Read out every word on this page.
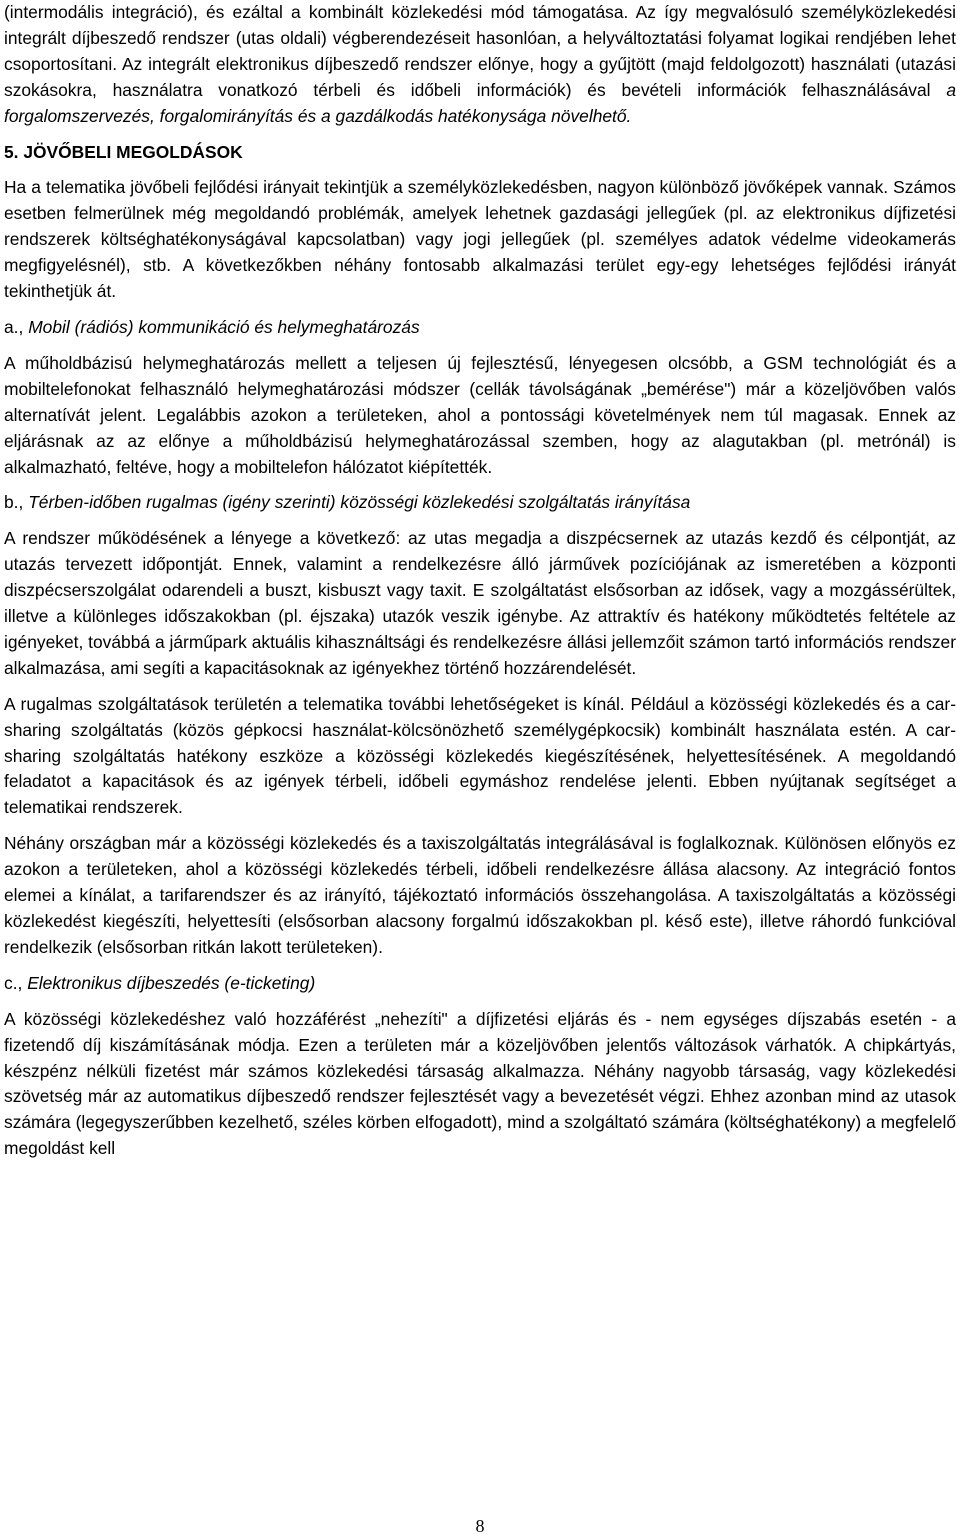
(intermodális integráció), és ezáltal a kombinált közlekedési mód támogatása. Az így megvalósuló személyközlekedési integrált díjbeszedő rendszer (utas oldali) végberendezéseit hasonlóan, a helyváltoztatási folyamat logikai rendjében lehet csoportosítani. Az integrált elektronikus díjbeszedő rendszer előnye, hogy a gyűjtött (majd feldolgozott) használati (utazási szokásokra, használatra vonatkozó térbeli és időbeli információk) és bevételi információk felhasználásával a forgalomszervezés, forgalomirányítás és a gazdálkodás hatékonysága növelhető.

5. JÖVŐBELI MEGOLDÁSOK

Ha a telematika jövőbeli fejlődési irányait tekintjük a személyközlekedésben, nagyon különböző jövőképek vannak. Számos esetben felmerülnek még megoldandó problémák, amelyek lehetnek gazdasági jellegűek (pl. az elektronikus díjfizetési rendszerek költséghatékonyságával kapcsolatban) vagy jogi jellegűek (pl. személyes adatok védelme videokamerás megfigyelésnél), stb. A következőkben néhány fontosabb alkalmazási terület egy-egy lehetséges fejlődési irányát tekinthetjük át.

a., Mobil (rádiós) kommunikáció és helymeghatározás

A műholdbázisú helymeghatározás mellett a teljesen új fejlesztésű, lényegesen olcsóbb, a GSM technológiát és a mobiltelefonokat felhasználó helymeghatározási módszer (cellák távolságának „bemérése") már a közeljövőben valós alternatívát jelent. Legalábbis azokon a területeken, ahol a pontossági követelmények nem túl magasak. Ennek az eljárásnak az az előnye a műholdbázisú helymeghatározással szemben, hogy az alagutakban (pl. metrónál) is alkalmazható, feltéve, hogy a mobiltelefon hálózatot kiépítették.

b., Térben-időben rugalmas (igény szerinti) közösségi közlekedési szolgáltatás irányítása

A rendszer működésének a lényege a következő: az utas megadja a diszpécsernek az utazás kezdő és célpontját, az utazás tervezett időpontját. Ennek, valamint a rendelkezésre álló járművek pozíciójának az ismeretében a központi diszpécserszolgálat odarendeli a buszt, kisbuszt vagy taxit. E szolgáltatást elsősorban az idősek, vagy a mozgássérültek, illetve a különleges időszakokban (pl. éjszaka) utazók veszik igénybe. Az attraktív és hatékony működtetés feltétele az igényeket, továbbá a járműpark aktuális kihasználtsági és rendelkezésre állási jellemzőit számon tartó információs rendszer alkalmazása, ami segíti a kapacitásoknak az igényekhez történő hozzárendelését.

A rugalmas szolgáltatások területén a telematika további lehetőségeket is kínál. Például a közösségi közlekedés és a car-sharing szolgáltatás (közös gépkocsi használat-kölcsönözhető személygépkocsik) kombinált használata estén. A car-sharing szolgáltatás hatékony eszköze a közösségi közlekedés kiegészítésének, helyettesítésének. A megoldandó feladatot a kapacitások és az igények térbeli, időbeli egymáshoz rendelése jelenti. Ebben nyújtanak segítséget a telematikai rendszerek.

Néhány országban már a közösségi közlekedés és a taxiszolgáltatás integrálásával is foglalkoznak. Különösen előnyös ez azokon a területeken, ahol a közösségi közlekedés térbeli, időbeli rendelkezésre állása alacsony. Az integráció fontos elemei a kínálat, a tarifarendszer és az irányító, tájékoztató információs összehangolása. A taxiszolgáltatás a közösségi közlekedést kiegészíti, helyettesíti (elsősorban alacsony forgalmú időszakokban pl. késő este), illetve ráhordó funkcióval rendelkezik (elsősorban ritkán lakott területeken).

c., Elektronikus díjbeszedés (e-ticketing)

A közösségi közlekedéshez való hozzáférést „nehezíti" a díjfizetési eljárás és - nem egységes díjszabás esetén - a fizetendő díj kiszámításának módja. Ezen a területen már a közeljövőben jelentős változások várhatók. A chipkártyás, készpénz nélküli fizetést már számos közlekedési társaság alkalmazza. Néhány nagyobb társaság, vagy közlekedési szövetség már az automatikus díjbeszedő rendszer fejlesztését vagy a bevezetését végzi. Ehhez azonban mind az utasok számára (legegyszerűbben kezelhető, széles körben elfogadott), mind a szolgáltató számára (költséghatékony) a megfelelő megoldást kell

8
